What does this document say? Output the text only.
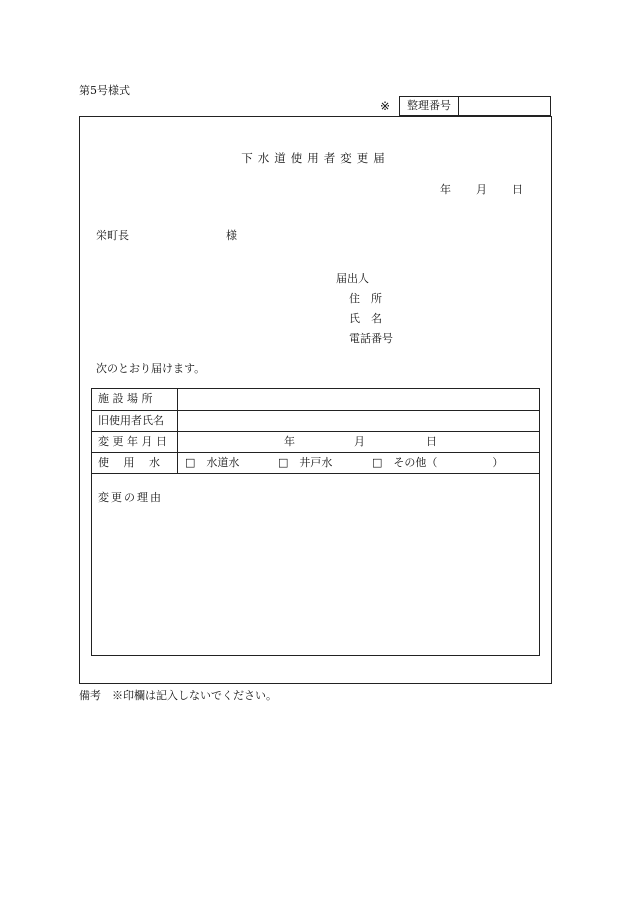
第5号様式
※	整理番号
下水道使用者変更届
年 月 日
栄町長	様
届出人
住　所
氏　名
電話番号
次のとおり届けます。
施 設 場 所
旧使用者氏名
変 更 年 月 日	年	月	日
使　 用　 水	□　水道水	□　井戸水	□　その他（　　　　　）
変更の理由
備考　※印欄は記入しないでください。
